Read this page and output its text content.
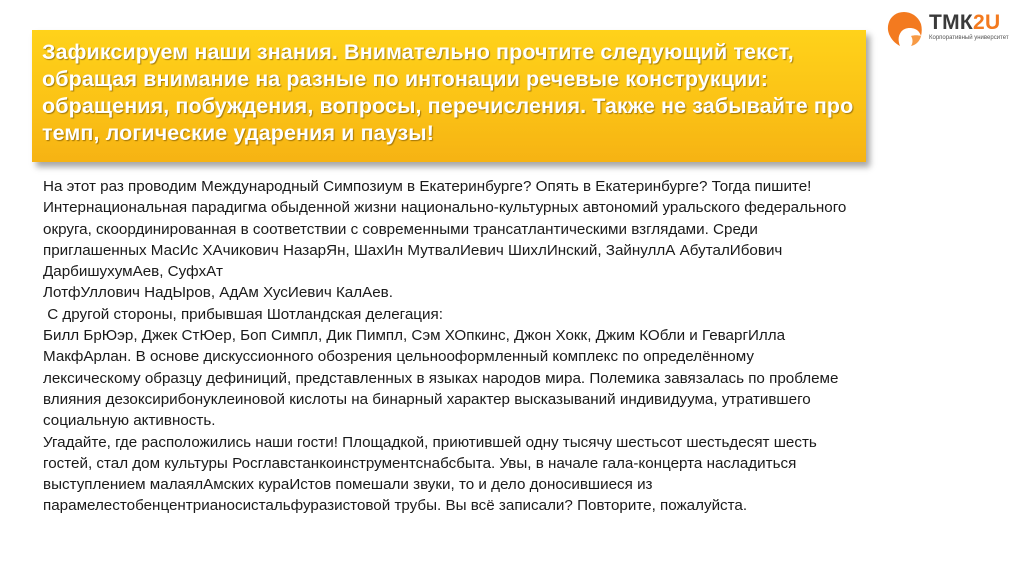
Зафиксируем наши знания. Внимательно прочтите следующий текст, обращая внимание на разные по интонации речевые конструкции: обращения, побуждения, вопросы, перечисления. Также не забывайте про темп, логические ударения и паузы!

ТМК2U
Корпоративный университет
На этот раз проводим Международный Симпозиум в Екатеринбурге? Опять в Екатеринбурге? Тогда пишите!
Интернациональная парадигма обыденной жизни национально-культурных автономий уральского федерального
округа, скоординированная в соответствии с современными трансатлантическими взглядами. Среди
приглашенных МасИс ХАчикович НазарЯн, ШахИн МутвалИевич ШихлИнский, ЗайнуллА АбуталИбович
ДарбишухумАев, СуфхАт
ЛотфУллович НадЫров, АдАм ХусИевич КалАев.
С другой стороны, прибывшая Шотландская делегация:
Билл БрЮэр, Джек СтЮер, Боп Симпл, Дик Пимпл, Сэм ХОпкинс, Джон Хокк, Джим КОбли и ГеваргИлла
МакфАрлан. В основе дискуссионного обозрения цельнооформленный комплекс по определённому
лексическому образцу дефиниций, представленных в языках народов мира. Полемика завязалась по проблеме
влияния дезоксирибонуклеиновой кислоты на бинарный характер высказываний индивидуума, утратившего
социальную активность.
Угадайте, где расположились наши гости! Площадкой, приютившей одну тысячу шестьсот шестьдесят шесть
гостей, стал дом культуры Росглавстанкоинструментснабсбыта. Увы, в начале гала-концерта насладиться
выступлением малаялАмских кураИстов помешали звуки, то и дело доносившиеся из
парамелестобенцентрианосистальфуразистовой трубы. Вы всё записали? Повторите, пожалуйста.
